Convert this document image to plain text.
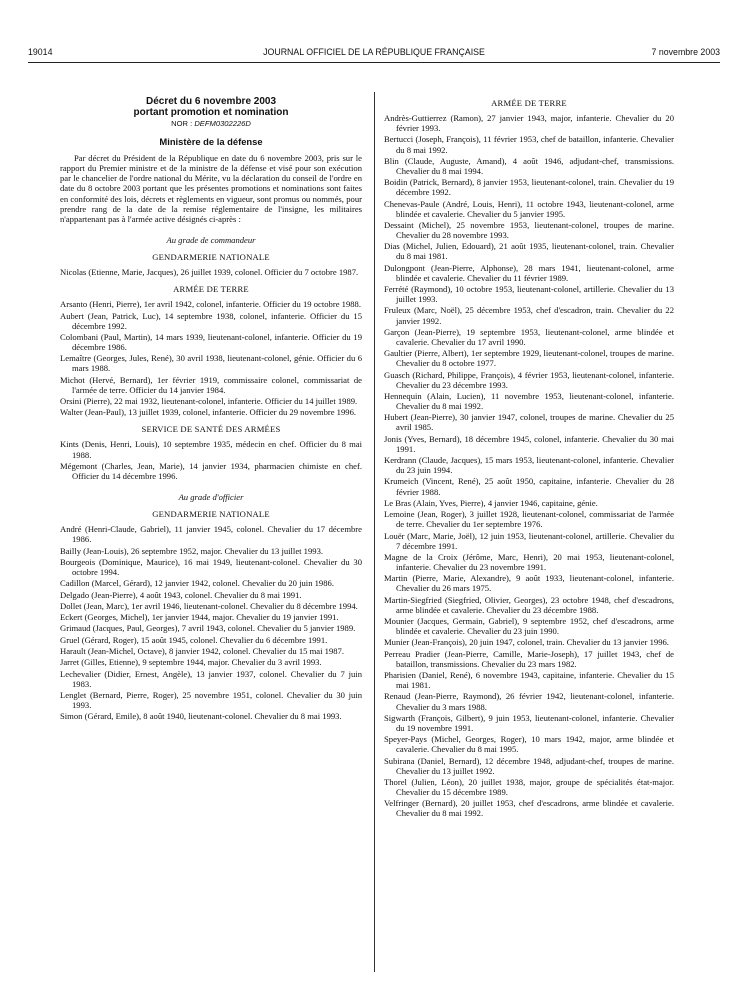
19014	JOURNAL OFFICIEL DE LA RÉPUBLIQUE FRANÇAISE	7 novembre 2003
Décret du 6 novembre 2003
portant promotion et nomination
NOR : DEFM0302226D
Ministère de la défense
Par décret du Président de la République en date du 6 novembre 2003, pris sur le rapport du Premier ministre et de la ministre de la défense et visé pour son exécution par le chancelier de l'ordre national du Mérite, vu la déclaration du conseil de l'ordre en date du 8 octobre 2003 portant que les présentes promotions et nominations sont faites en conformité des lois, décrets et règlements en vigueur, sont promus ou nommés, pour prendre rang de la date de la remise réglementaire de l'insigne, les militaires n'appartenant pas à l'armée active désignés ci-après :
Au grade de commandeur
GENDARMERIE NATIONALE
Nicolas (Etienne, Marie, Jacques), 26 juillet 1939, colonel. Officier du 7 octobre 1987.
ARMÉE DE TERRE
Arsanto (Henri, Pierre), 1er avril 1942, colonel, infanterie. Officier du 19 octobre 1988.
Aubert (Jean, Patrick, Luc), 14 septembre 1938, colonel, infanterie. Officier du 15 décembre 1992.
Colombani (Paul, Martin), 14 mars 1939, lieutenant-colonel, infanterie. Officier du 19 décembre 1986.
Lemaître (Georges, Jules, René), 30 avril 1938, lieutenant-colonel, génie. Officier du 6 mars 1988.
Michot (Hervé, Bernard), 1er février 1919, commissaire colonel, commissariat de l'armée de terre. Officier du 14 janvier 1984.
Orsini (Pierre), 22 mai 1932, lieutenant-colonel, infanterie. Officier du 14 juillet 1989.
Walter (Jean-Paul), 13 juillet 1939, colonel, infanterie. Officier du 29 novembre 1996.
SERVICE DE SANTÉ DES ARMÉES
Kints (Denis, Henri, Louis), 10 septembre 1935, médecin en chef. Officier du 8 mai 1988.
Mégemont (Charles, Jean, Marie), 14 janvier 1934, pharmacien chimiste en chef. Officier du 14 décembre 1996.
Au grade d'officier
GENDARMERIE NATIONALE
André (Henri-Claude, Gabriel), 11 janvier 1945, colonel. Chevalier du 17 décembre 1986.
Bailly (Jean-Louis), 26 septembre 1952, major. Chevalier du 13 juillet 1993.
Bourgeois (Dominique, Maurice), 16 mai 1949, lieutenant-colonel. Chevalier du 30 octobre 1994.
Cadillon (Marcel, Gérard), 12 janvier 1942, colonel. Chevalier du 20 juin 1986.
Delgado (Jean-Pierre), 4 août 1943, colonel. Chevalier du 8 mai 1991.
Dollet (Jean, Marc), 1er avril 1946, lieutenant-colonel. Chevalier du 8 décembre 1994.
Eckert (Georges, Michel), 1er janvier 1944, major. Chevalier du 19 janvier 1991.
Grimaud (Jacques, Paul, Georges), 7 avril 1943, colonel. Chevalier du 5 janvier 1989.
Gruel (Gérard, Roger), 15 août 1945, colonel. Chevalier du 6 décembre 1991.
Harault (Jean-Michel, Octave), 8 janvier 1942, colonel. Chevalier du 15 mai 1987.
Jarret (Gilles, Etienne), 9 septembre 1944, major. Chevalier du 3 avril 1993.
Lechevalier (Didier, Ernest, Angèle), 13 janvier 1937, colonel. Chevalier du 7 juin 1983.
Lenglet (Bernard, Pierre, Roger), 25 novembre 1951, colonel. Chevalier du 30 juin 1993.
Simon (Gérard, Emile), 8 août 1940, lieutenant-colonel. Chevalier du 8 mai 1993.
ARMÉE DE TERRE
Andrès-Guttierrez (Ramon), 27 janvier 1943, major, infanterie. Chevalier du 20 février 1993.
Bertucci (Joseph, François), 11 février 1953, chef de bataillon, infanterie. Chevalier du 8 mai 1992.
Blin (Claude, Auguste, Amand), 4 août 1946, adjudant-chef, transmissions. Chevalier du 8 mai 1994.
Boidin (Patrick, Bernard), 8 janvier 1953, lieutenant-colonel, train. Chevalier du 19 décembre 1992.
Chenevas-Paule (André, Louis, Henri), 11 octobre 1943, lieutenant-colonel, arme blindée et cavalerie. Chevalier du 5 janvier 1995.
Dessaint (Michel), 25 novembre 1953, lieutenant-colonel, troupes de marine. Chevalier du 28 novembre 1993.
Dias (Michel, Julien, Edouard), 21 août 1935, lieutenant-colonel, train. Chevalier du 8 mai 1981.
Dulongpont (Jean-Pierre, Alphonse), 28 mars 1941, lieutenant-colonel, arme blindée et cavalerie. Chevalier du 11 février 1989.
Ferrété (Raymond), 10 octobre 1953, lieutenant-colonel, artillerie. Chevalier du 13 juillet 1993.
Fruleux (Marc, Noël), 25 décembre 1953, chef d'escadron, train. Chevalier du 22 janvier 1992.
Garçon (Jean-Pierre), 19 septembre 1953, lieutenant-colonel, arme blindée et cavalerie. Chevalier du 17 avril 1990.
Gaultier (Pierre, Albert), 1er septembre 1929, lieutenant-colonel, troupes de marine. Chevalier du 8 octobre 1977.
Guasch (Richard, Philippe, François), 4 février 1953, lieutenant-colonel, infanterie. Chevalier du 23 décembre 1993.
Hennequin (Alain, Lucien), 11 novembre 1953, lieutenant-colonel, infanterie. Chevalier du 8 mai 1992.
Hubert (Jean-Pierre), 30 janvier 1947, colonel, troupes de marine. Chevalier du 25 avril 1985.
Jonis (Yves, Bernard), 18 décembre 1945, colonel, infanterie. Chevalier du 30 mai 1991.
Kerdrann (Claude, Jacques), 15 mars 1953, lieutenant-colonel, infanterie. Chevalier du 23 juin 1994.
Krumeich (Vincent, René), 25 août 1950, capitaine, infanterie. Chevalier du 28 février 1988.
Le Bras (Alain, Yves, Pierre), 4 janvier 1946, capitaine, génie.
Lemoine (Jean, Roger), 3 juillet 1928, lieutenant-colonel, commissariat de l'armée de terre. Chevalier du 1er septembre 1976.
Louër (Marc, Marie, Joël), 12 juin 1953, lieutenant-colonel, artillerie. Chevalier du 7 décembre 1991.
Magne de la Croix (Jérôme, Marc, Henri), 20 mai 1953, lieutenant-colonel, infanterie. Chevalier du 23 novembre 1991.
Martin (Pierre, Marie, Alexandre), 9 août 1933, lieutenant-colonel, infanterie. Chevalier du 26 mars 1975.
Martin-Siegfried (Siegfried, Olivier, Georges), 23 octobre 1948, chef d'escadrons, arme blindée et cavalerie. Chevalier du 23 décembre 1988.
Mounier (Jacques, Germain, Gabriel), 9 septembre 1952, chef d'escadrons, arme blindée et cavalerie. Chevalier du 23 juin 1990.
Munier (Jean-François), 20 juin 1947, colonel, train. Chevalier du 13 janvier 1996.
Perreau Pradier (Jean-Pierre, Camille, Marie-Joseph), 17 juillet 1943, chef de bataillon, transmissions. Chevalier du 23 mars 1982.
Pharisien (Daniel, René), 6 novembre 1943, capitaine, infanterie. Chevalier du 15 mai 1981.
Renaud (Jean-Pierre, Raymond), 26 février 1942, lieutenant-colonel, infanterie. Chevalier du 3 mars 1988.
Sigwarth (François, Gilbert), 9 juin 1953, lieutenant-colonel, infanterie. Chevalier du 19 novembre 1991.
Speyer-Pays (Michel, Georges, Roger), 10 mars 1942, major, arme blindée et cavalerie. Chevalier du 8 mai 1995.
Subirana (Daniel, Bernard), 12 décembre 1948, adjudant-chef, troupes de marine. Chevalier du 13 juillet 1992.
Thorel (Julien, Léon), 20 juillet 1938, major, groupe de spécialités état-major. Chevalier du 15 décembre 1989.
Velfringer (Bernard), 20 juillet 1953, chef d'escadrons, arme blindée et cavalerie. Chevalier du 8 mai 1992.
